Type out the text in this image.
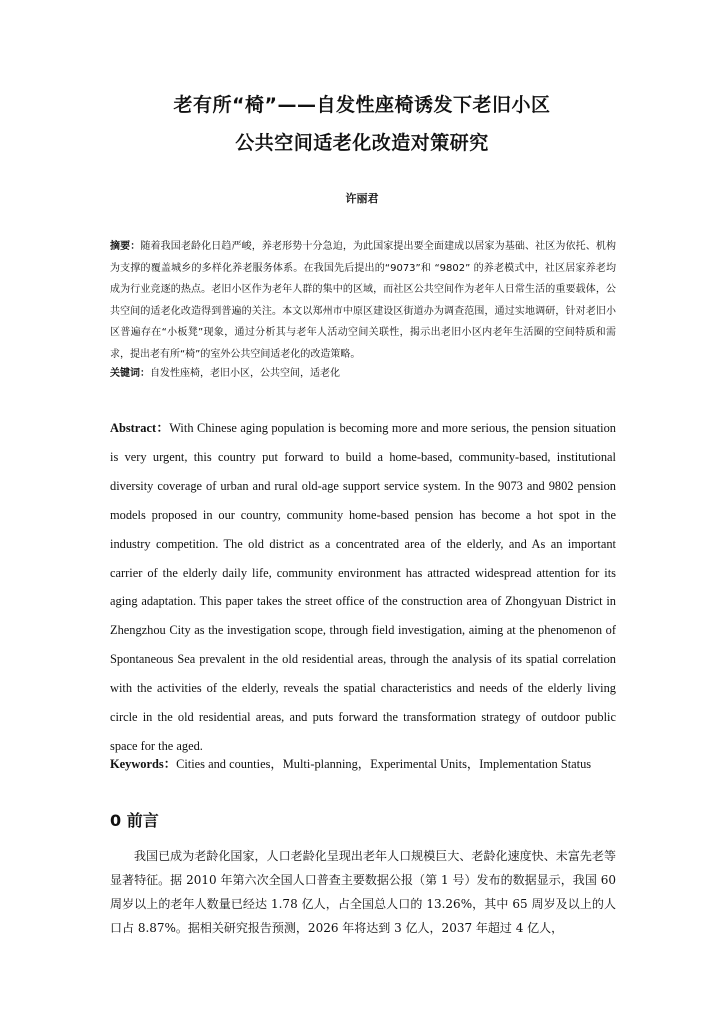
老有所“椅”——自发性座椅诱发下老旧小区
公共空间适老化改造对策研究
许丽君
摘要：随着我国老龄化日趋严峻，养老形势十分急迫，为此国家提出要全面建成以居家为基础、社区为依托、机构为支撑的覆盖城乡的多样化养老服务体系。在我国先后提出的“9073”和 “9802” 的养老模式中，社区居家养老均成为行业竞逐的热点。老旧小区作为老年人群的集中的区域，而社区公共空间作为老年人日常生活的重要载体，公共空间的适老化改造得到普遍的关注。本文以郑州市中原区建设区街道办为调查范围，通过实地调研，针对老旧小区普遍存在“小板凳”现象，通过分析其与老年人活动空间关联性，揭示出老旧小区内老年生活圈的空间特质和需求，提出老有所“椅”的室外公共空间适老化的改造策略。
关键词：自发性座椅，老旧小区，公共空间，适老化
Abstract：With Chinese aging population is becoming more and more serious, the pension situation is very urgent, this country put forward to build a home-based, community-based, institutional diversity coverage of urban and rural old-age support service system. In the 9073 and 9802 pension models proposed in our country, community home-based pension has become a hot spot in the industry competition. The old district as a concentrated area of the elderly, and As an important carrier of the elderly daily life, community environment has attracted widespread attention for its aging adaptation. This paper takes the street office of the construction area of Zhongyuan District in Zhengzhou City as the investigation scope, through field investigation, aiming at the phenomenon of Spontaneous Sea prevalent in the old residential areas, through the analysis of its spatial correlation with the activities of the elderly, reveals the spatial characteristics and needs of the elderly living circle in the old residential areas, and puts forward the transformation strategy of outdoor public space for the aged.
Keywords：Cities and counties，Multi-planning，Experimental Units，Implementation Status
0 前言
我国已成为老龄化国家，人口老龄化呈现出老年人口规模巨大、老龄化速度快、未富先老等显著特征。据 2010 年第六次全国人口普查主要数据公报（第 1 号）发布的数据显示，我国 60 周岁以上的老年人数量已经达 1.78 亿人，占全国总人口的 13.26%，其中 65 周岁及以上的人口占 8.87%。据相关研究报告预测，2026 年将达到 3 亿人，2037 年超过 4 亿人，
